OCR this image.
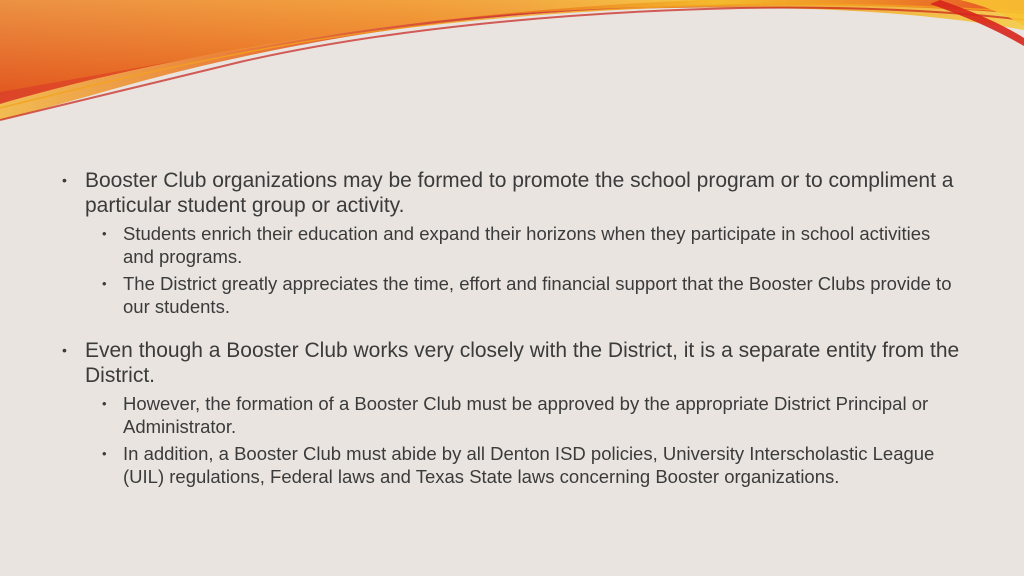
• Booster Club organizations may be formed to promote the school program or to compliment a particular student group or activity.
• Students enrich their education and expand their horizons when they participate in school activities and programs.
• The District greatly appreciates the time, effort and financial support that the Booster Clubs provide to our students.
• Even though a Booster Club works very closely with the District, it is a separate entity from the District.
• However, the formation of a Booster Club must be approved by the appropriate District Principal or Administrator.
• In addition, a Booster Club must abide by all Denton ISD policies, University Interscholastic League (UIL) regulations, Federal laws and Texas State laws concerning Booster organizations.
